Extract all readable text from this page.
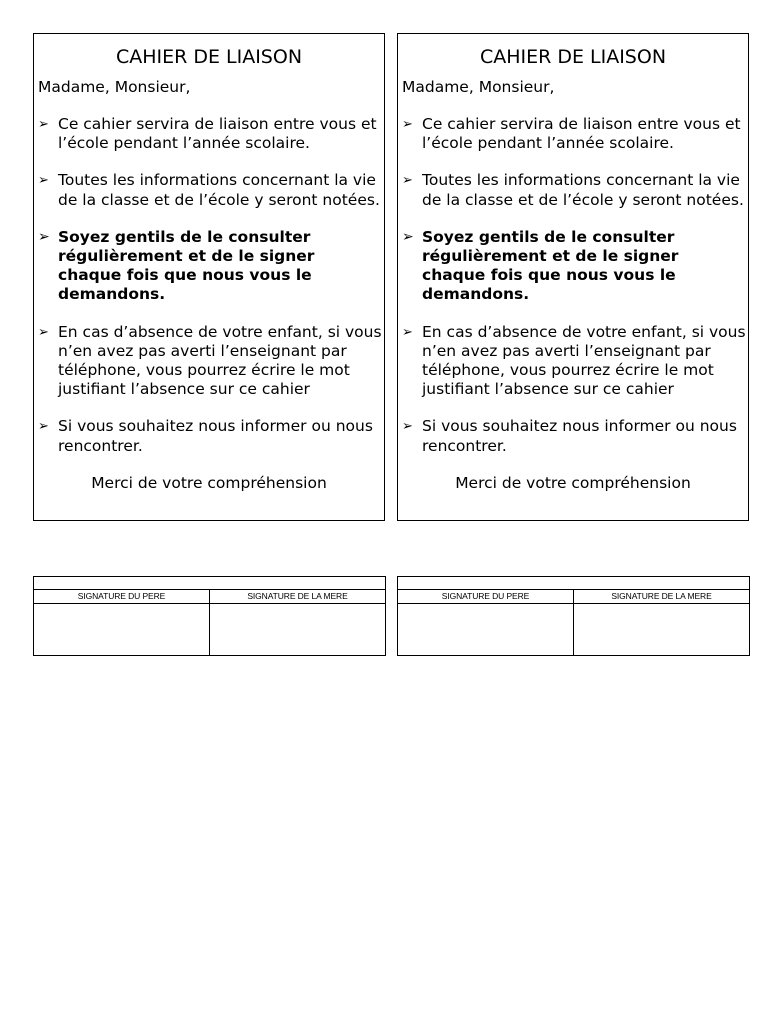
CAHIER DE LIAISON
Madame, Monsieur,
➢ Ce cahier servira de liaison entre vous et l’école pendant l’année scolaire.
➢ Toutes les informations concernant la vie de la classe et de l’école y seront notées.
➢ Soyez gentils de le consulter régulièrement et de le signer chaque fois que nous vous le demandons.
➢ En cas d’absence de votre enfant, si vous n’en avez pas averti l’enseignant par téléphone, vous pourrez écrire le mot justifiant l’absence sur ce cahier
➢ Si vous souhaitez nous informer ou nous rencontrer.
Merci de votre compréhension
CAHIER DE LIAISON
Madame, Monsieur,
➢ Ce cahier servira de liaison entre vous et l’école pendant l’année scolaire.
➢ Toutes les informations concernant la vie de la classe et de l’école y seront notées.
➢ Soyez gentils de le consulter régulièrement et de le signer chaque fois que nous vous le demandons.
➢ En cas d’absence de votre enfant, si vous n’en avez pas averti l’enseignant par téléphone, vous pourrez écrire le mot justifiant l’absence sur ce cahier
➢ Si vous souhaitez nous informer ou nous rencontrer.
Merci de votre compréhension
SIGNATURE DU PERE	SIGNATURE DE LA MERE	SIGNATURE DU PERE	SIGNATURE DE LA MERE
